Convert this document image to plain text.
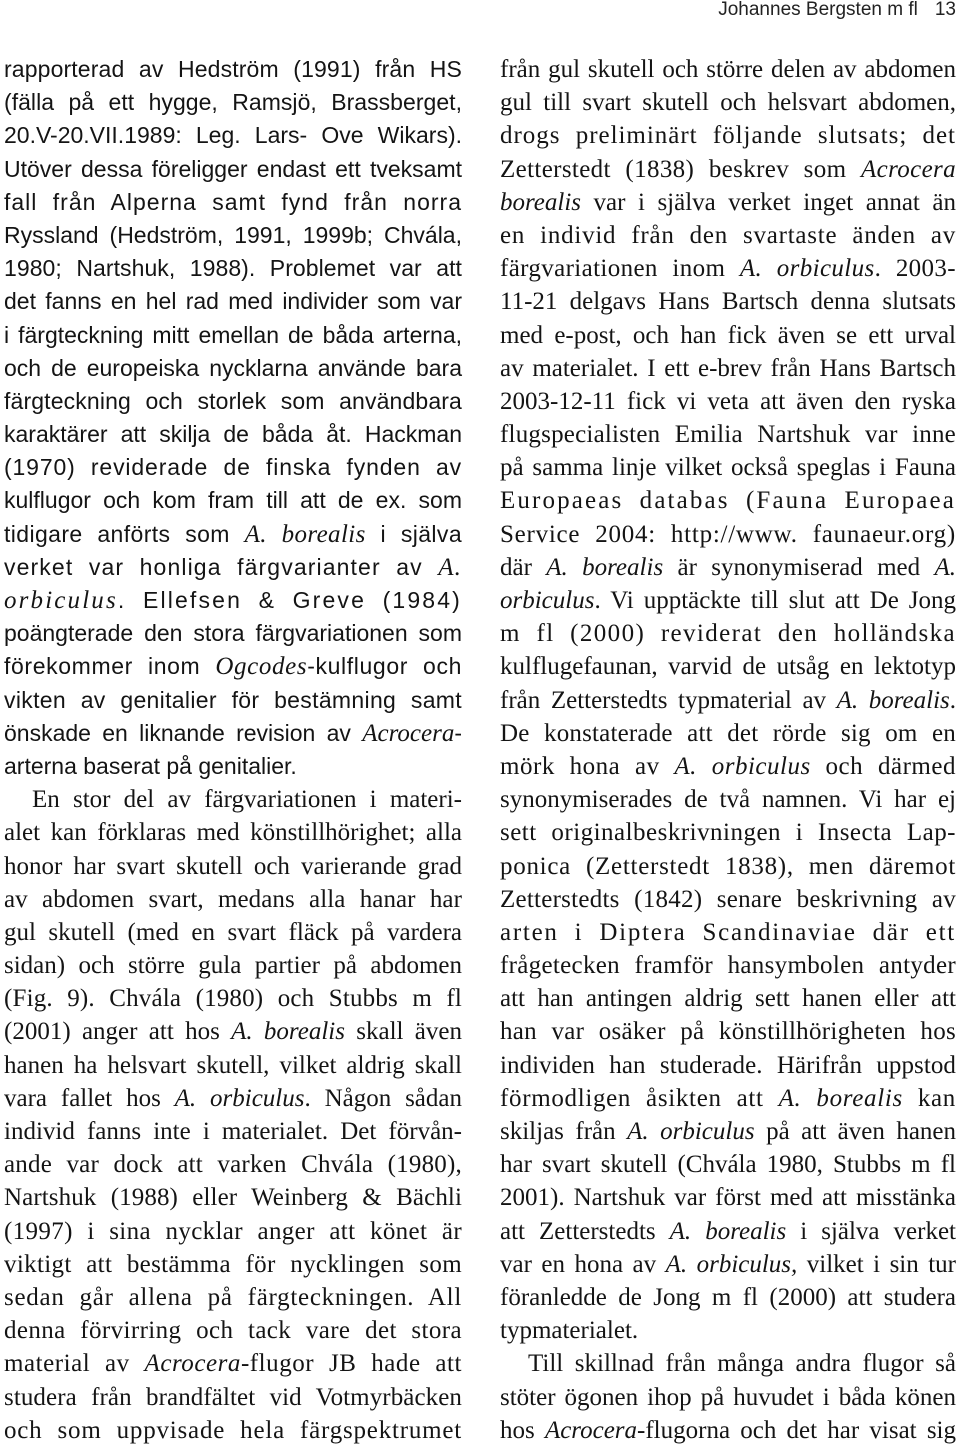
Johannes Bergsten m fl 13
rapporterad av Hedström (1991) från HS
(fälla på ett hygge, Ramsjö, Brassberget,
20.V-20.VII.1989: Leg. Lars- Ove Wikars).
Utöver dessa föreligger endast ett tveksamt
fall från Alperna samt fynd från norra
Ryssland (Hedström, 1991, 1999b; Chvála,
1980; Nartshuk, 1988). Problemet var att
det fanns en hel rad med individer som var
i färgteckning mitt emellan de båda arterna,
och de europeiska nycklarna använde bara
färgteckning och storlek som användbara
karaktärer att skilja de båda åt. Hackman
(1970) reviderade de finska fynden av
kulflugor och kom fram till att de ex. som
tidigare anförts som A. borealis i själva
verket var honliga färgvarianter av A.
orbiculus. Ellefsen & Greve (1984)
poängterade den stora färgvariationen som
förekommer inom Ogcodes-kulflugor och
vikten av genitalier för bestämning samt
önskade en liknande revision av Acrocera-
arterna baserat på genitalier.
En stor del av färgvariationen i materi-
alet kan förklaras med könstillhörighet; alla
honor har svart skutell och varierande grad
av abdomen svart, medans alla hanar har
gul skutell (med en svart fläck på vardera
sidan) och större gula partier på abdomen
(Fig. 9). Chvála (1980) och Stubbs m fl
(2001) anger att hos A. borealis skall även
hanen ha helsvart skutell, vilket aldrig skall
vara fallet hos A. orbiculus. Någon sådan
individ fanns inte i materialet. Det förvån-
ande var dock att varken Chvála (1980),
Nartshuk (1988) eller Weinberg & Bächli
(1997) i sina nycklar anger att könet är
viktigt att bestämma för nycklingen som
sedan går allena på färgteckningen. All
denna förvirring och tack vare det stora
material av Acrocera-flugor JB hade att
studera från brandfältet vid Votmyrbäcken
och som uppvisade hela färgspektrumet
från gul skutell och större delen av abdomen
gul till svart skutell och helsvart abdomen,
drogs preliminärt följande slutsats; det
Zetterstedt (1838) beskrev som Acrocera
borealis var i själva verket inget annat än
en individ från den svartaste änden av
färgvariationen inom A. orbiculus. 2003-
11-21 delgavs Hans Bartsch denna slutsats
med e-post, och han fick även se ett urval
av materialet. I ett e-brev från Hans Bartsch
2003-12-11 fick vi veta att även den ryska
flugspecialisten Emilia Nartshuk var inne
på samma linje vilket också speglas i Fauna
Europaeas databas (Fauna Europaea
Service 2004: http://www. faunaeur.org)
där A. borealis är synonymiserad med A.
orbiculus. Vi upptäckte till slut att De Jong
m fl (2000) reviderat den holländska
kulflugefaunan, varvid de utsåg en lektotyp
från Zetterstedts typmaterial av A. borealis.
De konstaterade att det rörde sig om en
mörk hona av A. orbiculus och därmed
synonymiserades de två namnen. Vi har ej
sett originalbeskrivningen i Insecta Lap-
ponica (Zetterstedt 1838), men däremot
Zetterstedts (1842) senare beskrivning av
arten i Diptera Scandinaviae där ett
frågetecken framför hansymbolen antyder
att han antingen aldrig sett hanen eller att
han var osäker på könstillhörigheten hos
individen han studerade. Härifrån uppstod
förmodligen åsikten att A. borealis kan
skiljas från A. orbiculus på att även hanen
har svart skutell (Chvála 1980, Stubbs m fl
2001). Nartshuk var först med att misstänka
att Zetterstedts A. borealis i själva verket
var en hona av A. orbiculus, vilket i sin tur
föranledde de Jong m fl (2000) att studera
typmaterialet.
Till skillnad från många andra flugor så
stöter ögonen ihop på huvudet i båda könen
hos Acrocera-flugorna och det har visat sig
